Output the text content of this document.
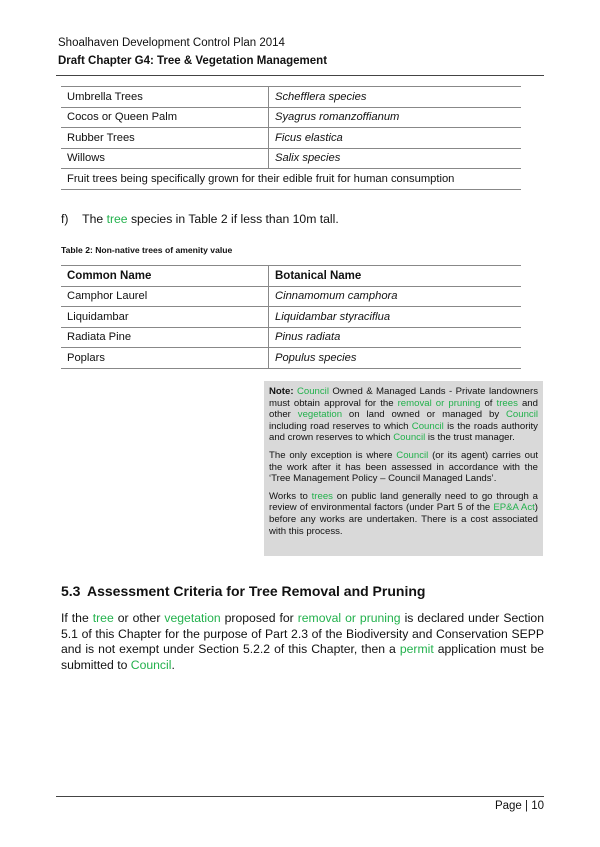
Shoalhaven Development Control Plan 2014
Draft Chapter G4: Tree & Vegetation Management
Umbrella Trees	Schefflera species
Cocos or Queen Palm	Syagrus romanzoffianum
Rubber Trees	Ficus elastica
Willows	Salix species
Fruit trees being specifically grown for their edible fruit for human consumption	
f) The tree species in Table 2 if less than 10m tall.
Table 2: Non-native trees of amenity value
Common Name	Botanical Name
Camphor Laurel	Cinnamomum camphora
Liquidambar	Liquidambar styraciflua
Radiata Pine	Pinus radiata
Poplars	Populus species

Note: Council Owned & Managed Lands - Private landowners must obtain approval for the removal or pruning of trees and other vegetation on land owned or managed by Council including road reserves to which Council is the roads authority and crown reserves to which Council is the trust manager.

The only exception is where Council (or its agent) carries out the work after it has been assessed in accordance with the ‘Tree Management Policy – Council Managed Lands’.

Works to trees on public land generally need to go through a review of environmental factors (under Part 5 of the EP&A Act) before any works are undertaken. There is a cost associated with this process.

5.3 Assessment Criteria for Tree Removal and Pruning
If the tree or other vegetation proposed for removal or pruning is declared under Section 5.1 of this Chapter for the purpose of Part 2.3 of the Biodiversity and Conservation SEPP and is not exempt under Section 5.2.2 of this Chapter, then a permit application must be submitted to Council.
Page | 10
